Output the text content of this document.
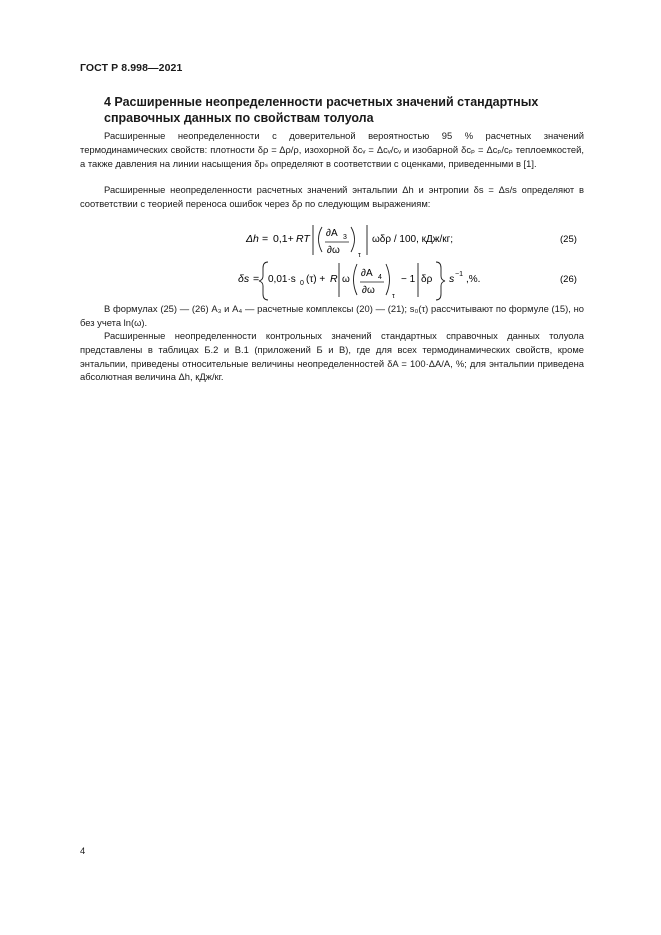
ГОСТ Р 8.998—2021
4 Расширенные неопределенности расчетных значений стандартных справочных данных по свойствам толуола
Расширенные неопределенности с доверительной вероятностью 95 % расчетных значений термодинамических свойств: плотности δρ = Δρ/ρ, изохорной δcᵥ = Δcᵥ/cᵥ и изобарной δcₚ = Δcₚ/cₚ теплоемкостей, а также давления на линии насыщения δpₛ определяют в соответствии с оценками, приведенными в [1].
Расширенные неопределенности расчетных значений энтальпии Δh и энтропии δs = Δs/s определяют в соответствии с теорией переноса ошибок через δρ по следующим выражениям:
Δh = 0,1+ RT ∂A 3
∂ω	τ
ωδρ / 100, кДж/кг;	(25)
δs = 0,01·s 0 (τ) + R ω
∂A 4
∂ω
τ
− 1 δρ s −1 ,%.	(26)
В формулах (25) — (26) A₃ и A₄ — расчетные комплексы (20) — (21); s₀(τ) рассчитывают по формуле (15), но без учета ln(ω).
Расширенные неопределенности контрольных значений стандартных справочных данных толуола представлены в таблицах Б.2 и В.1 (приложений Б и В), где для всех термодинамических свойств, кроме энтальпии, приведены относительные величины неопределенностей δA = 100·ΔA/A, %; для энтальпии приведена абсолютная величина Δh, кДж/кг.
4
